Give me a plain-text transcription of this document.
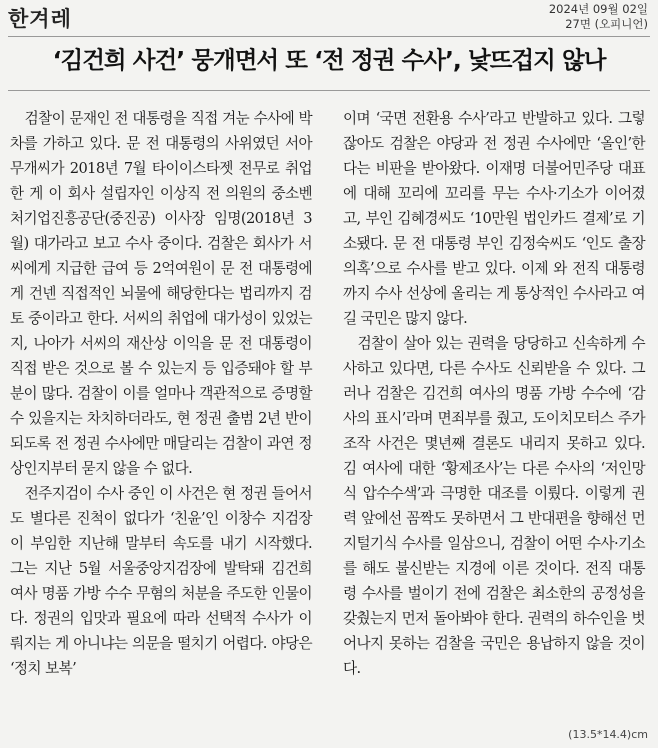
한겨레	2024년 09월 02일
27면 (오피니언)
‘김건희 사건’ 뭉개면서 또 ‘전 정권 수사’, 낯뜨겁지 않나

검찰이 문재인 전 대통령을 직접 겨눈 수사에 박차를 가하고 있다. 문 전 대통령의 사위였던 서아무개씨가 2018년 7월 타이이스타젯 전무로 취업한 게 이 회사 설립자인 이상직 전 의원의 중소벤처기업진흥공단(중진공) 이사장 임명(2018년 3월) 대가라고 보고 수사 중이다. 검찰은 회사가 서씨에게 지급한 급여 등 2억여원이 문 전 대통령에게 건넨 직접적인 뇌물에 해당한다는 법리까지 검토 중이라고 한다. 서씨의 취업에 대가성이 있었는지, 나아가 서씨의 재산상 이익을 문 전 대통령이 직접 받은 것으로 볼 수 있는지 등 입증돼야 할 부분이 많다. 검찰이 이를 얼마나 객관적으로 증명할 수 있을지는 차치하더라도, 현 정권 출범 2년 반이 되도록 전 정권 수사에만 매달리는 검찰이 과연 정상인지부터 묻지 않을 수 없다.

전주지검이 수사 중인 이 사건은 현 정권 들어서도 별다른 진척이 없다가 ‘친윤’인 이창수 지검장이 부임한 지난해 말부터 속도를 내기 시작했다. 그는 지난 5월 서울중앙지검장에 발탁돼 김건희 여사 명품 가방 수수 무혐의 처분을 주도한 인물이다. 정권의 입맛과 필요에 따라 선택적 수사가 이뤄지는 게 아니냐는 의문을 떨치기 어렵다. 야당은 ‘정치 보복’

이며 ‘국면 전환용 수사’라고 반발하고 있다. 그렇잖아도 검찰은 야당과 전 정권 수사에만 ‘올인’한다는 비판을 받아왔다. 이재명 더불어민주당 대표에 대해 꼬리에 꼬리를 무는 수사·기소가 이어졌고, 부인 김혜경씨도 ‘10만원 법인카드 결제’로 기소됐다. 문 전 대통령 부인 김정숙씨도 ‘인도 출장 의혹’으로 수사를 받고 있다. 이제 와 전직 대통령까지 수사 선상에 올리는 게 통상적인 수사라고 여길 국민은 많지 않다.

검찰이 살아 있는 권력을 당당하고 신속하게 수사하고 있다면, 다른 수사도 신뢰받을 수 있다. 그러나 검찰은 김건희 여사의 명품 가방 수수에 ‘감사의 표시’라며 면죄부를 줬고, 도이치모터스 주가조작 사건은 몇년째 결론도 내리지 못하고 있다. 김 여사에 대한 ‘황제조사’는 다른 수사의 ‘저인망식 압수수색’과 극명한 대조를 이뤘다. 이렇게 권력 앞에선 꼼짝도 못하면서 그 반대편을 향해선 먼지털기식 수사를 일삼으니, 검찰이 어떤 수사·기소를 해도 불신받는 지경에 이른 것이다. 전직 대통령 수사를 벌이기 전에 검찰은 최소한의 공정성을 갖췄는지 먼저 돌아봐야 한다. 권력의 하수인을 벗어나지 못하는 검찰을 국민은 용납하지 않을 것이다.

(13.5*14.4)cm
